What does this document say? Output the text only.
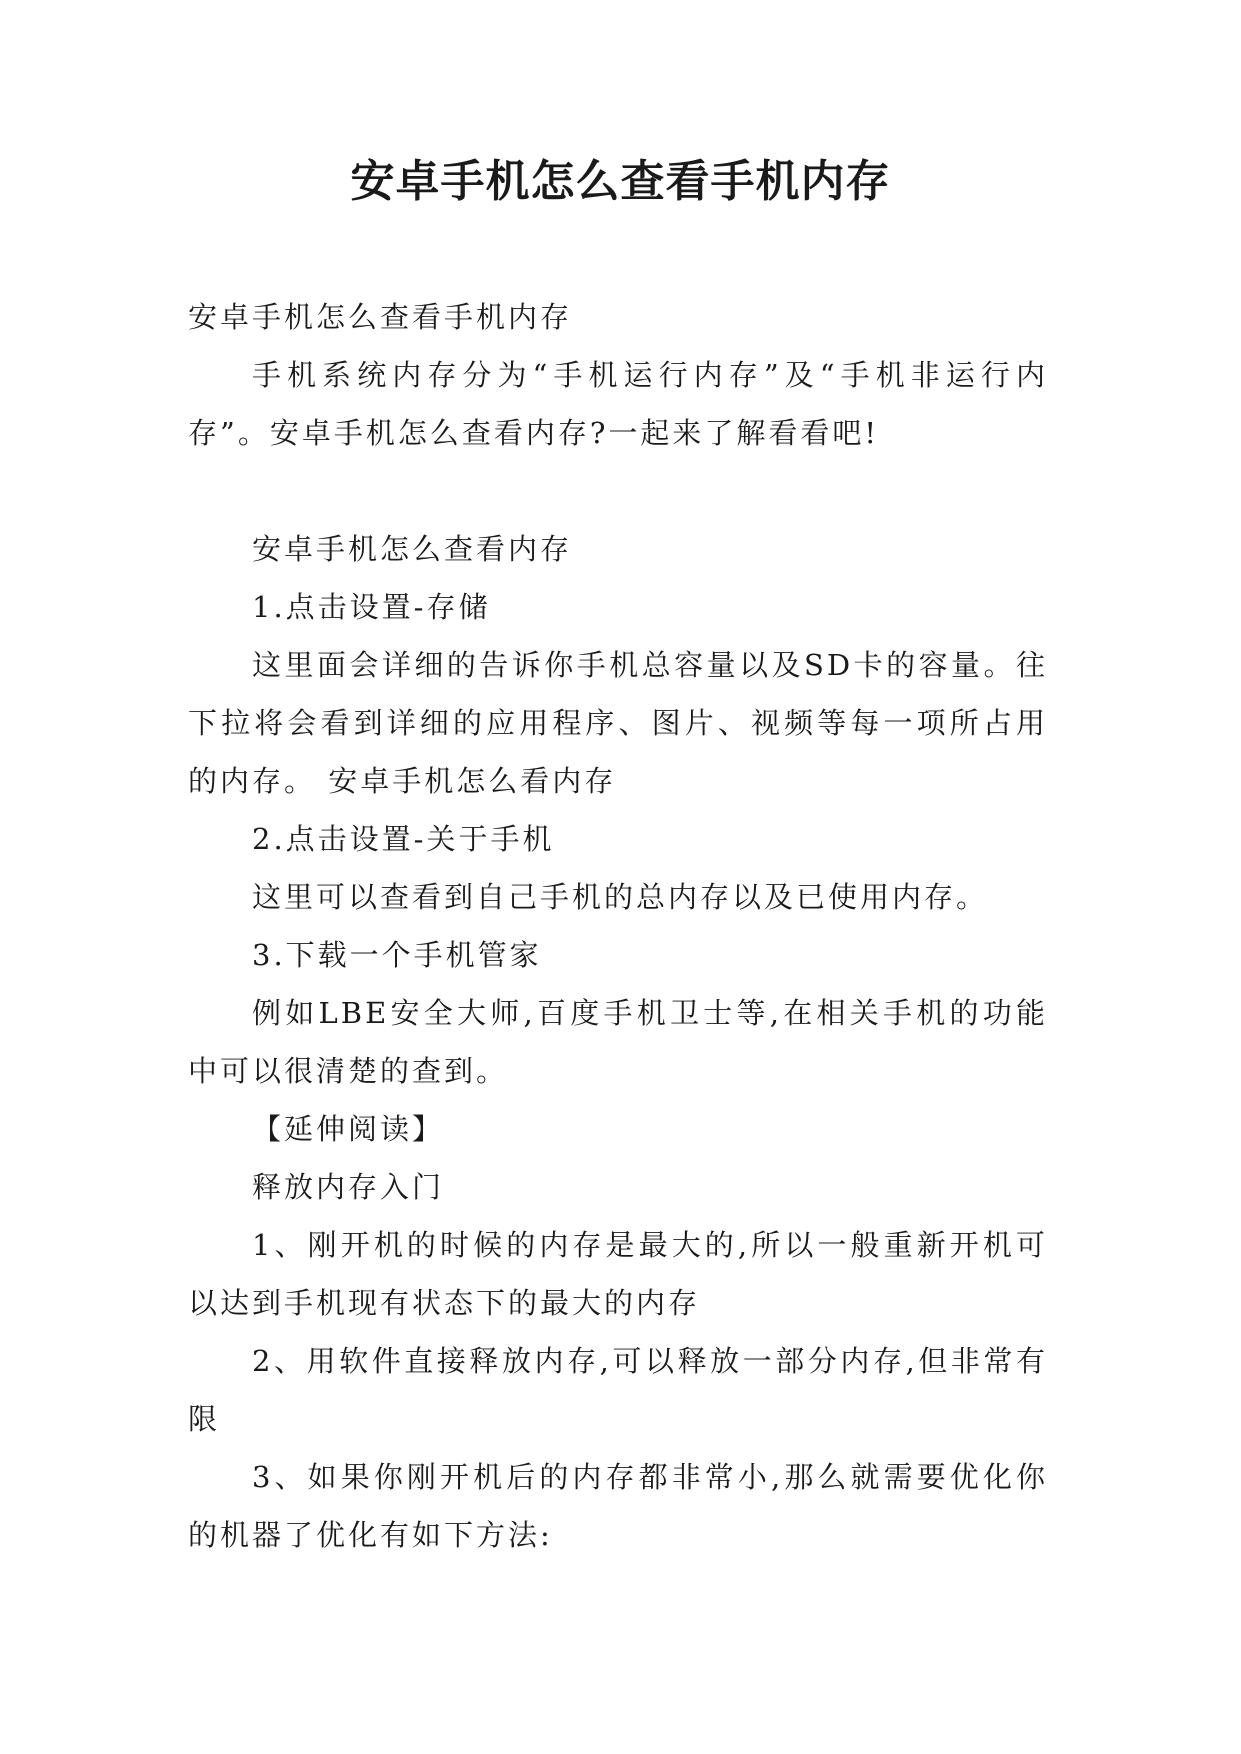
安卓手机怎么查看手机内存

安卓手机怎么查看手机内存

手机系统内存分为“手机运行内存”及“手机非运行内存”。安卓手机怎么查看内存?一起来了解看看吧!

安卓手机怎么查看内存

1.点击设置-存储

这里面会详细的告诉你手机总容量以及SD卡的容量。往下拉将会看到详细的应用程序、图片、视频等每一项所占用的内存。 安卓手机怎么看内存

2.点击设置-关于手机

这里可以查看到自己手机的总内存以及已使用内存。

3.下载一个手机管家

例如LBE安全大师,百度手机卫士等,在相关手机的功能中可以很清楚的查到。

【延伸阅读】

释放内存入门

1、刚开机的时候的内存是最大的,所以一般重新开机可以达到手机现有状态下的最大的内存

2、用软件直接释放内存,可以释放一部分内存,但非常有限

3、如果你刚开机后的内存都非常小,那么就需要优化你的机器了优化有如下方法:
